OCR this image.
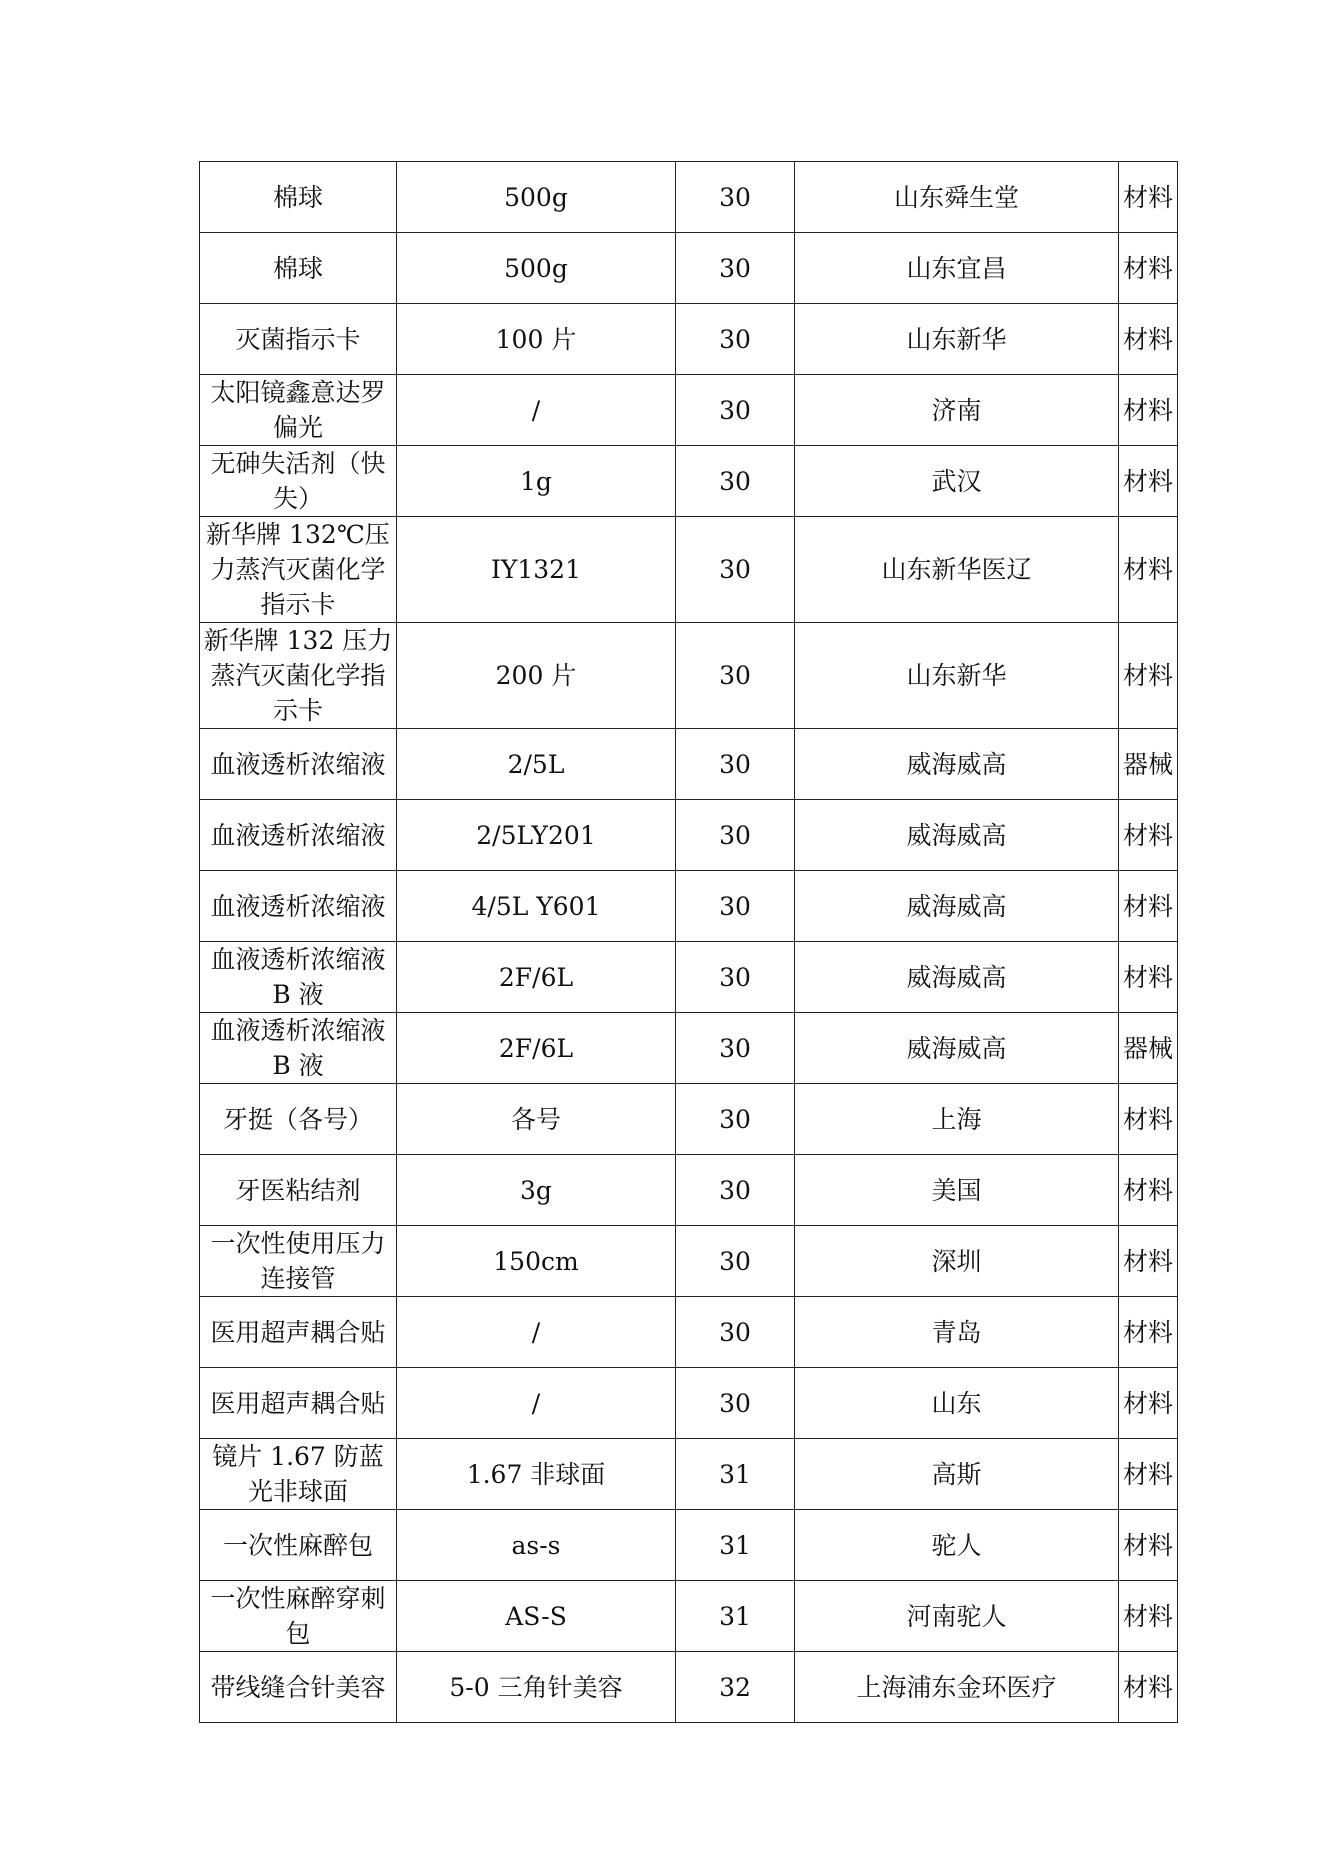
棉球	500g	30	山东舜生堂	材料
棉球	500g	30	山东宜昌	材料
灭菌指示卡	100 片	30	山东新华	材料
太阳镜鑫意达罗偏光	/	30	济南	材料
无砷失活剂（快失）	1g	30	武汉	材料
新华牌 132℃压力蒸汽灭菌化学指示卡	IY1321	30	山东新华医辽	材料
新华牌 132 压力蒸汽灭菌化学指示卡	200 片	30	山东新华	材料
血液透析浓缩液	2/5L	30	威海威高	器械
血液透析浓缩液	2/5LY201	30	威海威高	材料
血液透析浓缩液	4/5L Y601	30	威海威高	材料
血液透析浓缩液 B 液	2F/6L	30	威海威高	材料
血液透析浓缩液 B 液	2F/6L	30	威海威高	器械
牙挺（各号）	各号	30	上海	材料
牙医粘结剂	3g	30	美国	材料
一次性使用压力连接管	150cm	30	深圳	材料
医用超声耦合贴	/	30	青岛	材料
医用超声耦合贴	/	30	山东	材料
镜片 1.67 防蓝光非球面	1.67 非球面	31	高斯	材料
一次性麻醉包	as-s	31	驼人	材料
一次性麻醉穿刺包	AS-S	31	河南驼人	材料
带线缝合针美容	5-0 三角针美容	32	上海浦东金环医疗	材料
